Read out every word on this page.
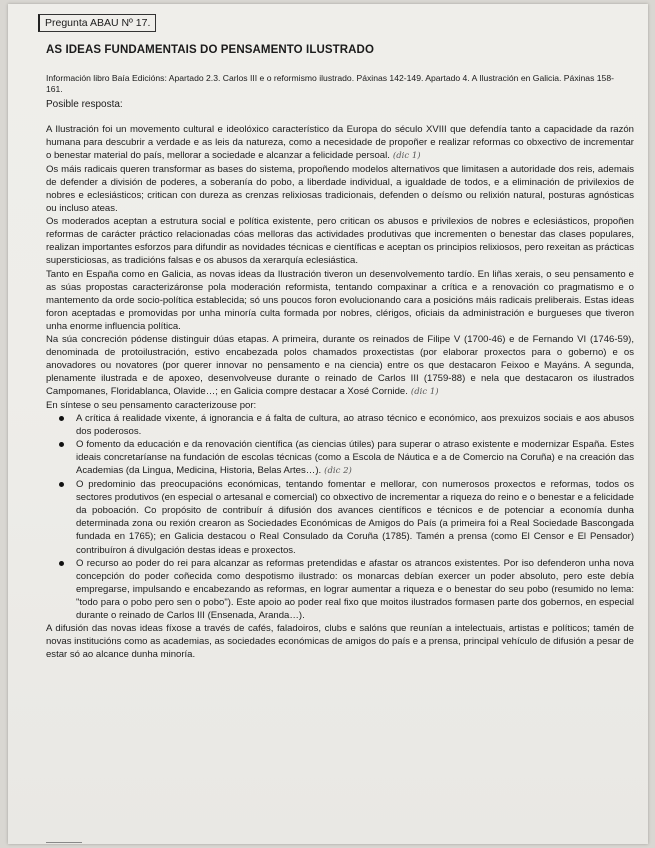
Pregunta ABAU Nº 17.
AS IDEAS FUNDAMENTAIS DO PENSAMENTO ILUSTRADO
Información libro Baía Edicións: Apartado 2.3. Carlos III e o reformismo ilustrado. Páxinas 142-149. Apartado 4. A Ilustración en Galicia. Páxinas 158-161.
Posible resposta:

A Ilustración foi un movemento cultural e ideolóxico característico da Europa do século XVIII que defendía tanto a capacidade da razón humana para descubrir a verdade e as leis da natureza, como a necesidade de propoñer e realizar reformas co obxectivo de incrementar o benestar material do país, mellorar a sociedade e alcanzar a felicidade persoal. (dic 1)

Os máis radicais queren transformar as bases do sistema, propoñendo modelos alternativos que limitasen a autoridade dos reis, ademais de defender a división de poderes, a soberanía do pobo, a liberdade individual, a igualdade de todos, e a eliminación de privilexios de nobres e eclesiásticos; critican con dureza as crenzas relixiosas tradicionais, defenden o deísmo ou relixión natural, posturas agnósticas ou incluso ateas.

Os moderados aceptan a estrutura social e política existente, pero critican os abusos e privilexios de nobres e eclesiásticos, propoñen reformas de carácter práctico relacionadas cóas melloras das actividades produtivas que incrementen o benestar das clases populares, realizan importantes esforzos para difundir as novidades técnicas e científicas e aceptan os principios relixiosos, pero rexeitan as prácticas supersticiosas, as tradicións falsas e os abusos da xerarquía eclesiástica.

Tanto en España como en Galicia, as novas ideas da Ilustración tiveron un desenvolvemento tardío. En liñas xerais, o seu pensamento e as súas propostas caracterizáronse pola moderación reformista, tentando compaxinar a crítica e a renovación co pragmatismo e o mantemento da orde socio-política establecida; só uns poucos foron evolucionando cara a posicións máis radicais preliberais. Estas ideas foron aceptadas e promovidas por unha minoría culta formada por nobres, clérigos, oficiais da administración e burgueses que tiveron unha enorme influencia política.

Na súa concreción pódense distinguir dúas etapas. A primeira, durante os reinados de Filipe V (1700-46) e de Fernando VI (1746-59), denominada de protoilustración, estivo encabezada polos chamados proxectistas (por elaborar proxectos para o goberno) e os anovadores ou novatores (por querer innovar no pensamento e na ciencia) entre os que destacaron Feixoo e Mayáns. A segunda, plenamente ilustrada e de apoxeo, desenvolveuse durante o reinado de Carlos III (1759-88) e nela que destacaron os ilustrados Campomanes, Floridablanca, Olavide…; en Galicia compre destacar a Xosé Cornide. (dic 1)

En síntese o seu pensamento caracterizouse por:

A crítica á realidade vixente, á ignorancia e á falta de cultura, ao atraso técnico e económico, aos prexuizos sociais e aos abusos dos poderosos.
O fomento da educación e da renovación científica (as ciencias útiles) para superar o atraso existente e modernizar España. Estes ideais concretaríanse na fundación de escolas técnicas (como a Escola de Náutica e a de Comercio na Coruña) e na creación das Academias (da Lingua, Medicina, Historia, Belas Artes…). (dic 2)
O predominio das preocupacións económicas, tentando fomentar e mellorar, con numerosos proxectos e reformas, todos os sectores produtivos (en especial o artesanal e comercial) co obxectivo de incrementar a riqueza do reino e o benestar e a felicidade da poboación. Co propósito de contribuír á difusión dos avances científicos e técnicos e de potenciar a economía dunha determinada zona ou rexión crearon as Sociedades Económicas de Amigos do País (a primeira foi a Real Sociedade Bascongada fundada en 1765); en Galicia destacou o Real Consulado da Coruña (1785). Tamén a prensa (como El Censor e El Pensador) contribuíron á divulgación destas ideas e proxectos.
O recurso ao poder do rei para alcanzar as reformas pretendidas e afastar os atrancos existentes. Por iso defenderon unha nova concepción do poder coñecida como despotismo ilustrado: os monarcas debían exercer un poder absoluto, pero este debía empregarse, impulsando e encabezando as reformas, en lograr aumentar a riqueza e o benestar do seu pobo (resumido no lema: "todo para o pobo pero sen o pobo"). Este apoio ao poder real fixo que moitos ilustrados formasen parte dos gobernos, en especial durante o reinado de Carlos III (Ensenada, Aranda…).

A difusión das novas ideas fíxose a través de cafés, faladoiros, clubs e salóns que reunían a intelectuais, artistas e políticos; tamén de novas institucións como as academias, as sociedades económicas de amigos do país e a prensa, principal vehículo de difusión a pesar de estar só ao alcance dunha minoría.
